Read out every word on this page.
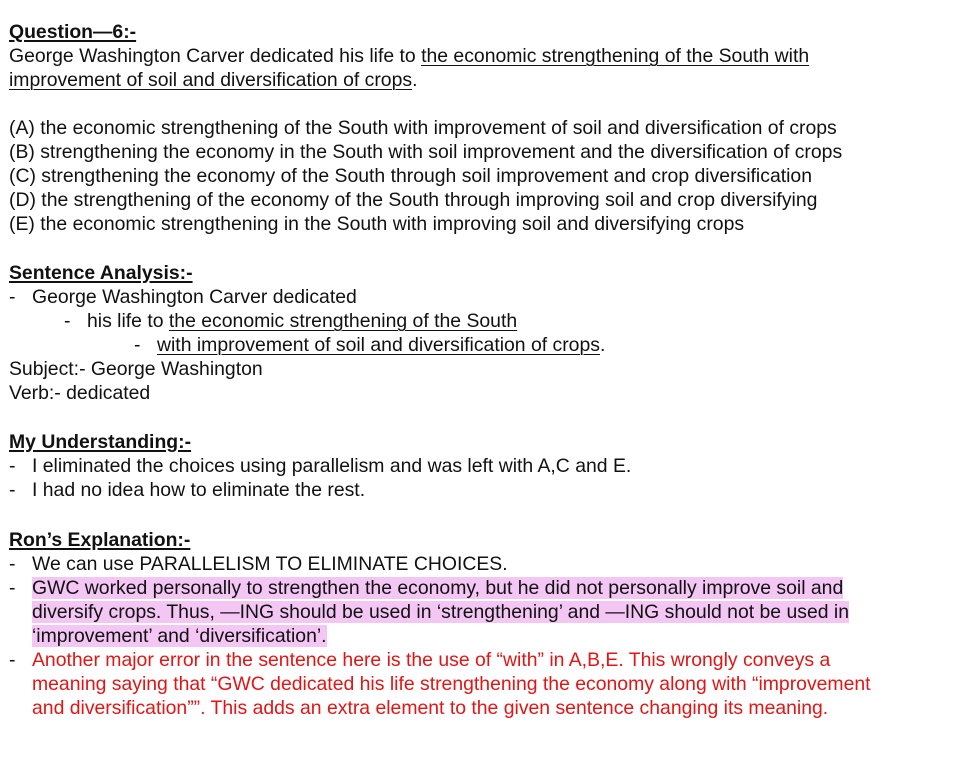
Question—6:-
George Washington Carver dedicated his life to the economic strengthening of the South with
improvement of soil and diversification of crops.
(A) the economic strengthening of the South with improvement of soil and diversification of crops
(B) strengthening the economy in the South with soil improvement and the diversification of crops
(C) strengthening the economy of the South through soil improvement and crop diversification
(D) the strengthening of the economy of the South through improving soil and crop diversifying
(E) the economic strengthening in the South with improving soil and diversifying crops
Sentence Analysis:-
- George Washington Carver dedicated
- his life to the economic strengthening of the South
- with improvement of soil and diversification of crops.
Subject:- George Washington
Verb:- dedicated
My Understanding:-
- I eliminated the choices using parallelism and was left with A,C and E.
- I had no idea how to eliminate the rest.
Ron’s Explanation:-
- We can use PARALLELISM TO ELIMINATE CHOICES.
- GWC worked personally to strengthen the economy, but he did not personally improve soil and
diversify crops. Thus, —ING should be used in ‘strengthening’ and —ING should not be used in
‘improvement’ and ‘diversification’.
- Another major error in the sentence here is the use of “with” in A,B,E. This wrongly conveys a
meaning saying that “GWC dedicated his life strengthening the economy along with “improvement
and diversification””. This adds an extra element to the given sentence changing its meaning.
